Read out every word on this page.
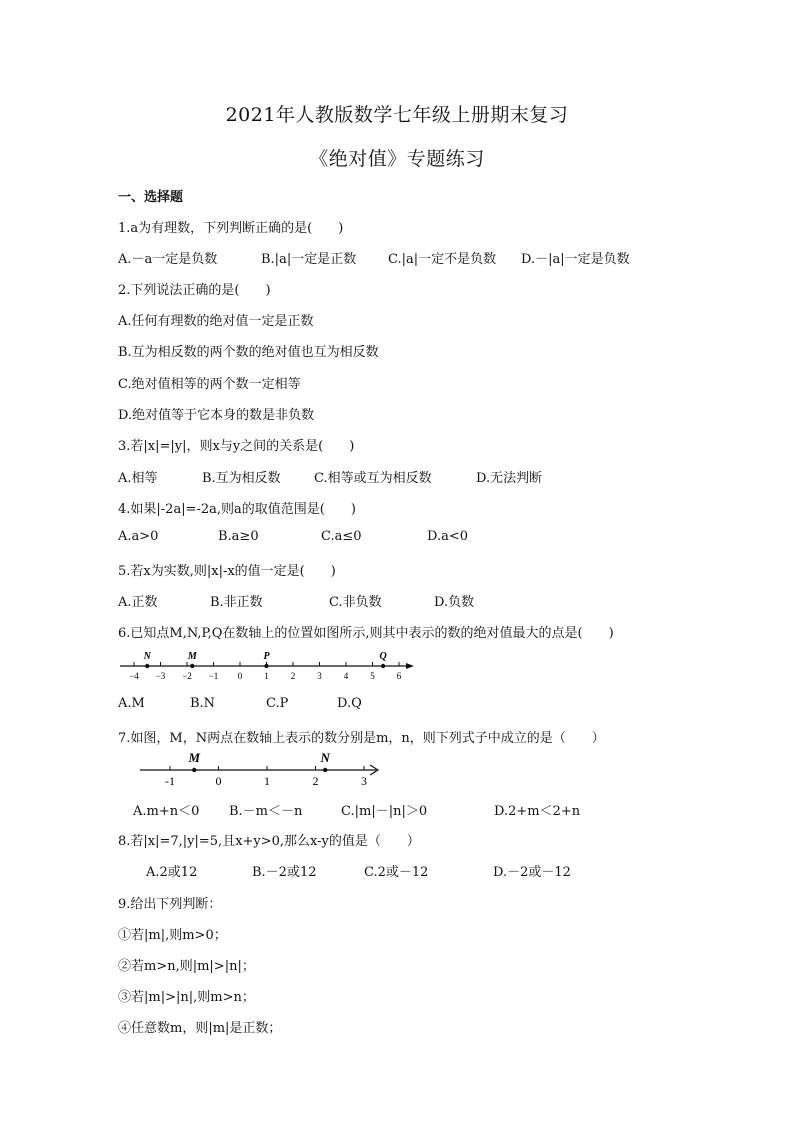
2021年人教版数学七年级上册期末复习
《绝对值》专题练习
一、选择题
1.a为有理数，下列判断正确的是(　　)
A.－a一定是负数	B.|a|一定是正数 C.|a|一定不是负数 D.－|a|一定是负数
2.下列说法正确的是(　　)
A.任何有理数的绝对值一定是正数
B.互为相反数的两个数的绝对值也互为相反数
C.绝对值相等的两个数一定相等
D.绝对值等于它本身的数是非负数
3.若|x|=|y|，则x与y之间的关系是(　　)
A.相等	B.互为相反数	C.相等或互为相反数	D.无法判断
4.如果|-2a|=-2a,则a的取值范围是(　　)
A.a>0	B.a≥0	C.a≤0	D.a<0
5.若x为实数,则|x|-x的值一定是(　　)
A.正数	B.非正数	C.非负数	D.负数
6.已知点M,N,P,Q在数轴上的位置如图所示,则其中表示的数的绝对值最大的点是(　　)
−4 −3 −2 −1 0 1 2 3 4 5 6
N	M	P	Q
A.M	B.N	C.P	D.Q
7.如图，M，N两点在数轴上表示的数分别是m，n，则下列式子中成立的是（　　）
-1	0	1	2	3
M	N
A.m+n＜0 B.－m＜－n	C.|m|－|n|＞0	D.2+m＜2+n
8.若|x|=7,|y|=5,且x+y>0,那么x-y的值是（　　）
A.2或12	B.－2或12	C.2或－12	D.－2或－12
9.给出下列判断：
①若|m|,则m>0；
②若m>n,则|m|>|n|；
③若|m|>|n|,则m>n；
④任意数m，则|m|是正数；
